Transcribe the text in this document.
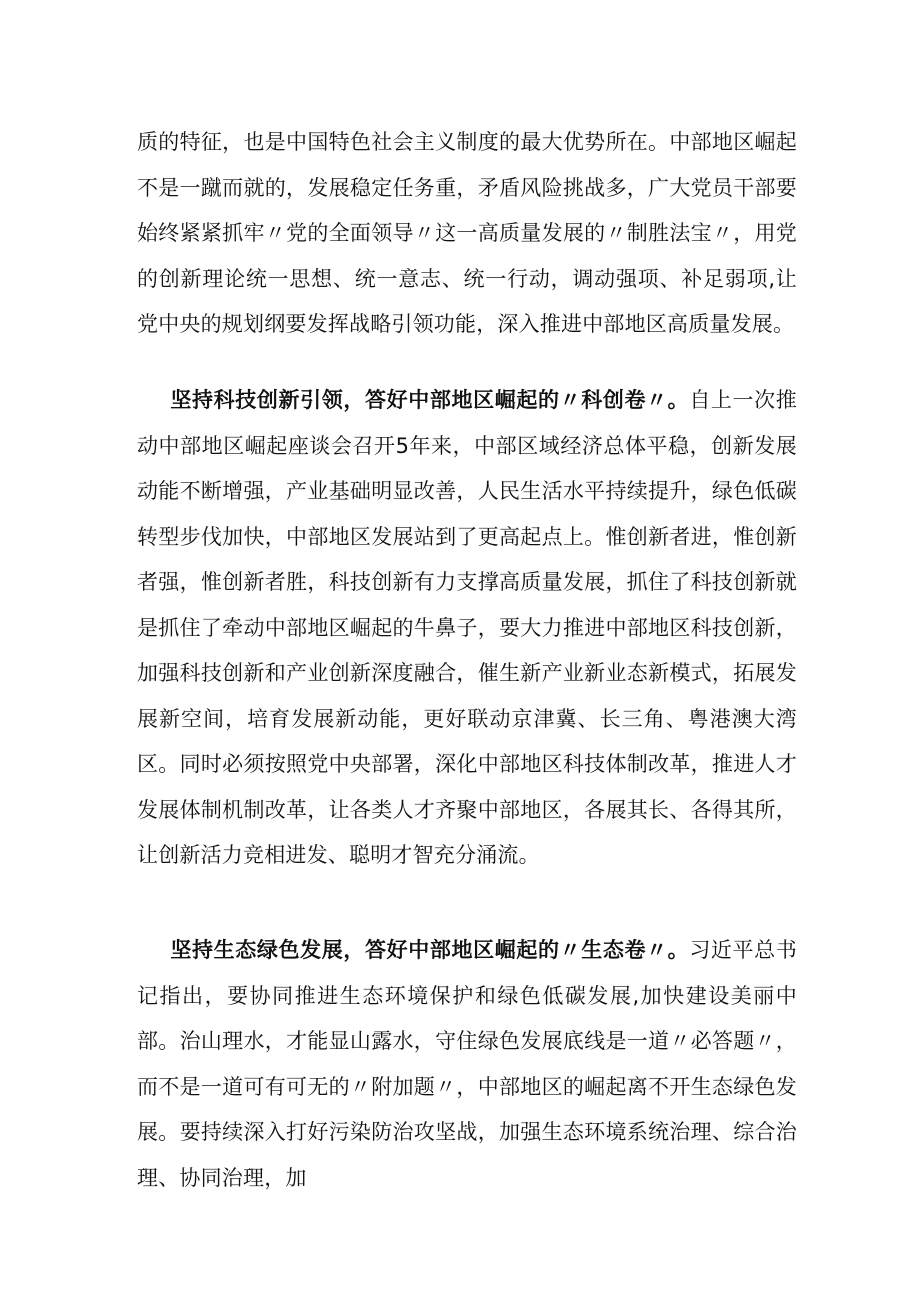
质的特征，也是中国特色社会主义制度的最大优势所在。中部地区崛起不是一蹴而就的，发展稳定任务重，矛盾风险挑战多，广大党员干部要始终紧紧抓牢〃党的全面领导〃这一高质量发展的〃制胜法宝〃，用党的创新理论统一思想、统一意志、统一行动，调动强项、补足弱项,让党中央的规划纲要发挥战略引领功能，深入推进中部地区高质量发展。

坚持科技创新引领，答好中部地区崛起的〃科创卷〃。自上一次推动中部地区崛起座谈会召开5年来，中部区域经济总体平稳，创新发展动能不断增强，产业基础明显改善，人民生活水平持续提升，绿色低碳转型步伐加快，中部地区发展站到了更高起点上。惟创新者进，惟创新者强，惟创新者胜，科技创新有力支撑高质量发展，抓住了科技创新就是抓住了牵动中部地区崛起的牛鼻子，要大力推进中部地区科技创新，加强科技创新和产业创新深度融合，催生新产业新业态新模式，拓展发展新空间，培育发展新动能，更好联动京津冀、长三角、粤港澳大湾区。同时必须按照党中央部署，深化中部地区科技体制改革，推进人才发展体制机制改革，让各类人才齐聚中部地区，各展其长、各得其所，让创新活力竞相进发、聪明才智充分涌流。

坚持生态绿色发展，答好中部地区崛起的〃生态卷〃。习近平总书记指出，要协同推进生态环境保护和绿色低碳发展,加快建设美丽中部。治山理水，才能显山露水，守住绿色发展底线是一道〃必答题〃，而不是一道可有可无的〃附加题〃，中部地区的崛起离不开生态绿色发展。要持续深入打好污染防治攻坚战，加强生态环境系统治理、综合治理、协同治理，加
